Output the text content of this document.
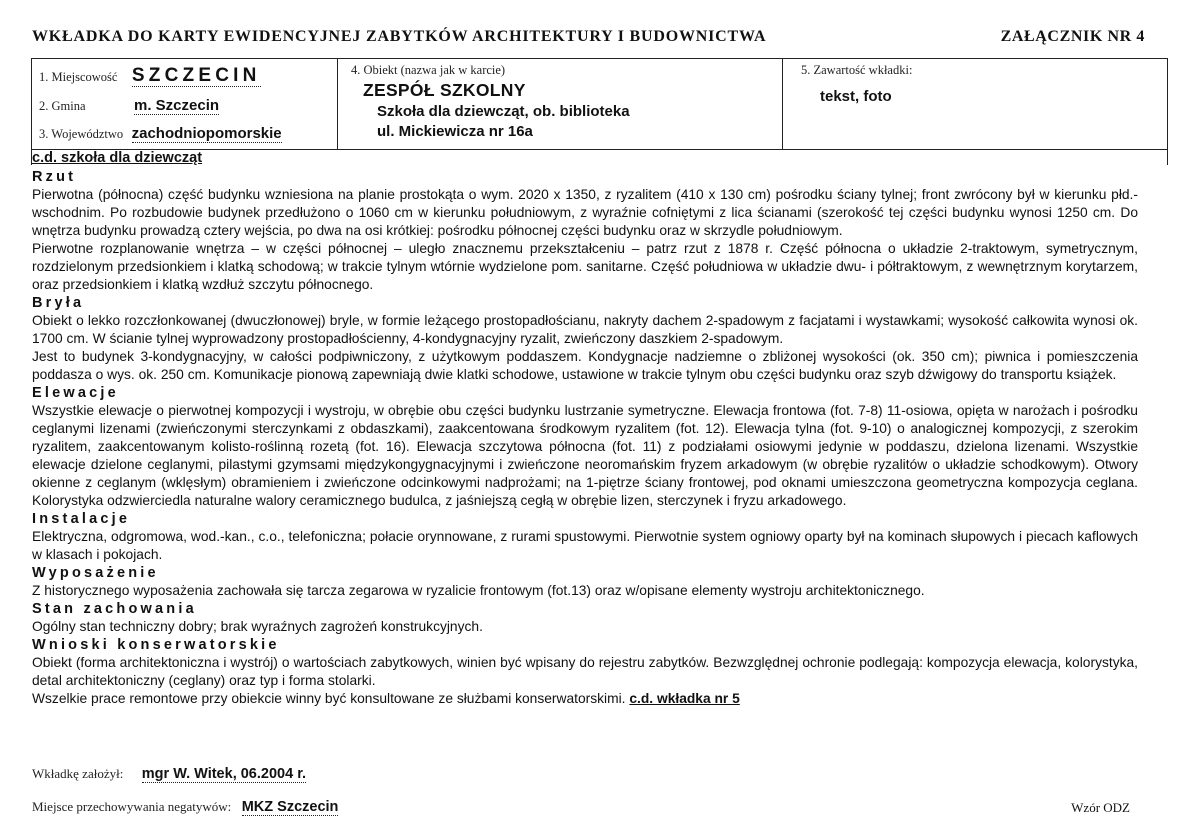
WKŁADKA DO KARTY EWIDENCYJNEJ ZABYTKÓW ARCHITEKTURY I BUDOWNICTWA	ZAŁĄCZNIK NR 4
1. Miejscowość SZCZECIN
2. Gmina	m. Szczecin
3. Województwo zachodniopomorskie
4. Obiekt (nazwa jak w karcie)
ZESPÓŁ SZKOLNY
Szkoła dla dziewcząt, ob. biblioteka
ul. Mickiewicza nr 16a
5. Zawartość wkładki:
tekst, foto
c.d. szkoła dla dziewcząt
Rzut

Pierwotna (północna) część budynku wzniesiona na planie prostokąta o wym. 2020 x 1350, z ryzalitem (410 x 130 cm) pośrodku ściany tylnej; front zwrócony był w kierunku płd.-wschodnim. Po rozbudowie budynek przedłużono o 1060 cm w kierunku południowym, z wyraźnie cofniętymi z lica ścianami (szerokość tej części budynku wynosi 1250 cm. Do wnętrza budynku prowadzą cztery wejścia, po dwa na osi krótkiej: pośrodku północnej części budynku oraz w skrzydle południowym.

Pierwotne rozplanowanie wnętrza – w części północnej – uległo znacznemu przekształceniu – patrz rzut z 1878 r. Część północna o układzie 2-traktowym, symetrycznym, rozdzielonym przedsionkiem i klatką schodową; w trakcie tylnym wtórnie wydzielone pom. sanitarne. Część południowa w układzie dwu- i półtraktowym, z wewnętrznym korytarzem, oraz przedsionkiem i klatką wzdłuż szczytu północnego.

Bryła

Obiekt o lekko rozczłonkowanej (dwuczłonowej) bryle, w formie leżącego prostopadłościanu, nakryty dachem 2-spadowym z facjatami i wystawkami; wysokość całkowita wynosi ok. 1700 cm. W ścianie tylnej wyprowadzony prostopadłościenny, 4-kondygnacyjny ryzalit, zwieńczony daszkiem 2-spadowym.

Jest to budynek 3-kondygnacyjny, w całości podpiwniczony, z użytkowym poddaszem. Kondygnacje nadziemne o zbliżonej wysokości (ok. 350 cm); piwnica i pomieszczenia poddasza o wys. ok. 250 cm. Komunikacje pionową zapewniają dwie klatki schodowe, ustawione w trakcie tylnym obu części budynku oraz szyb dźwigowy do transportu książek.

Elewacje

Wszystkie elewacje o pierwotnej kompozycji i wystroju, w obrębie obu części budynku lustrzanie symetryczne. Elewacja frontowa (fot. 7-8) 11-osiowa, opięta w narożach i pośrodku ceglanymi lizenami (zwieńczonymi sterczynkami z obdaszkami), zaakcentowana środkowym ryzalitem (fot. 12). Elewacja tylna (fot. 9-10) o analogicznej kompozycji, z szerokim ryzalitem, zaakcentowanym kolisto-roślinną rozetą (fot. 16). Elewacja szczytowa północna (fot. 11) z podziałami osiowymi jedynie w poddaszu, dzielona lizenami. Wszystkie elewacje dzielone ceglanymi, pilastymi gzymsami międzykongygnacyjnymi i zwieńczone neoromańskim fryzem arkadowym (w obrębie ryzalitów o układzie schodkowym). Otwory okienne z ceglanym (wklęsłym) obramieniem i zwieńczone odcinkowymi nadprożami; na 1-piętrze ściany frontowej, pod oknami umieszczona geometryczna kompozycja ceglana. Kolorystyka odzwierciedla naturalne walory ceramicznego budulca, z jaśniejszą cegłą w obrębie lizen, sterczynek i fryzu arkadowego.

Instalacje

Elektryczna, odgromowa, wod.-kan., c.o., telefoniczna; połacie orynnowane, z rurami spustowymi. Pierwotnie system ogniowy oparty był na kominach słupowych i piecach kaflowych w klasach i pokojach.

Wyposażenie

Z historycznego wyposażenia zachowała się tarcza zegarowa w ryzalicie frontowym (fot.13) oraz w/opisane elementy wystroju architektonicznego.

Stan zachowania

Ogólny stan techniczny dobry; brak wyraźnych zagrożeń konstrukcyjnych.

Wnioski konserwatorskie

Obiekt (forma architektoniczna i wystrój) o wartościach zabytkowych, winien być wpisany do rejestru zabytków. Bezwzględnej ochronie podlegają: kompozycja elewacja, kolorystyka, detal architektoniczny (ceglany) oraz typ i forma stolarki.

Wszelkie prace remontowe przy obiekcie winny być konsultowane ze służbami konserwatorskimi. c.d. wkładka nr 5

Wkładkę założył: mgr W. Witek, 06.2004 r.
Miejsce przechowywania negatywów: MKZ Szczecin	Wzór ODZ
